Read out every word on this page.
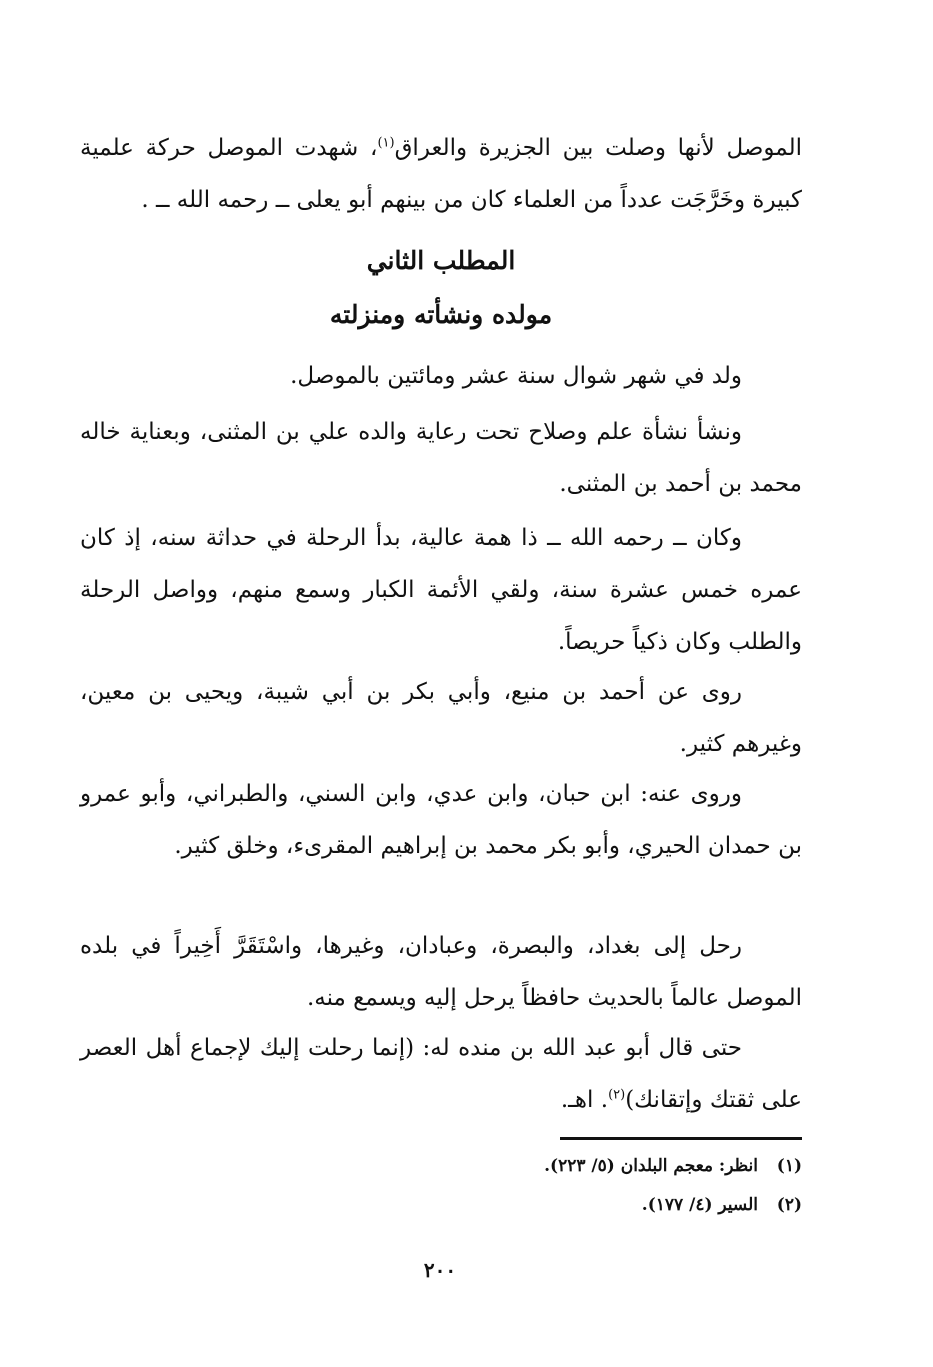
الموصل لأنها وصلت بين الجزيرة والعراق$^{(١)}$، شهدت الموصل حركة علمية كبيرة وخَرَّجَت عدداً من العلماء كان من بينهم أبو يعلى ــ رحمه الله ــ .
المطلب الثاني
مولده ونشأته ومنزلته
ولد في شهر شوال سنة عشر ومائتين بالموصل.
ونشأ نشأة علم وصلاح تحت رعاية والده علي بن المثنى، وبعناية خاله محمد بن أحمد بن المثنى.
وكان ــ رحمه الله ــ ذا همة عالية، بدأ الرحلة في حداثة سنه، إذ كان عمره خمس عشرة سنة، ولقي الأئمة الكبار وسمع منهم، وواصل الرحلة والطلب وكان ذكياً حريصاً.
روى عن أحمد بن منيع، وأبي بكر بن أبي شيبة، ويحيى بن معين، وغيرهم كثير.
وروى عنه: ابن حبان، وابن عدي، وابن السني، والطبراني، وأبو عمرو بن حمدان الحيري، وأبو بكر محمد بن إبراهيم المقرىء، وخلق كثير.
رحل إلى بغداد، والبصرة، وعبادان، وغيرها، واسْتَقَرَّ أَخِيراً في بلده الموصل عالماً بالحديث حافظاً يرحل إليه ويسمع منه.
حتى قال أبو عبد الله بن منده له: (إنما رحلت إليك لإجماع أهل العصر على ثقتك وإتقانك)$^{(٢)}$. اهـ.
(١)انظر: معجم البلدان (٥/ ٢٢٣).
(٢)السير (٤/ ١٧٧).
٢٠٠
